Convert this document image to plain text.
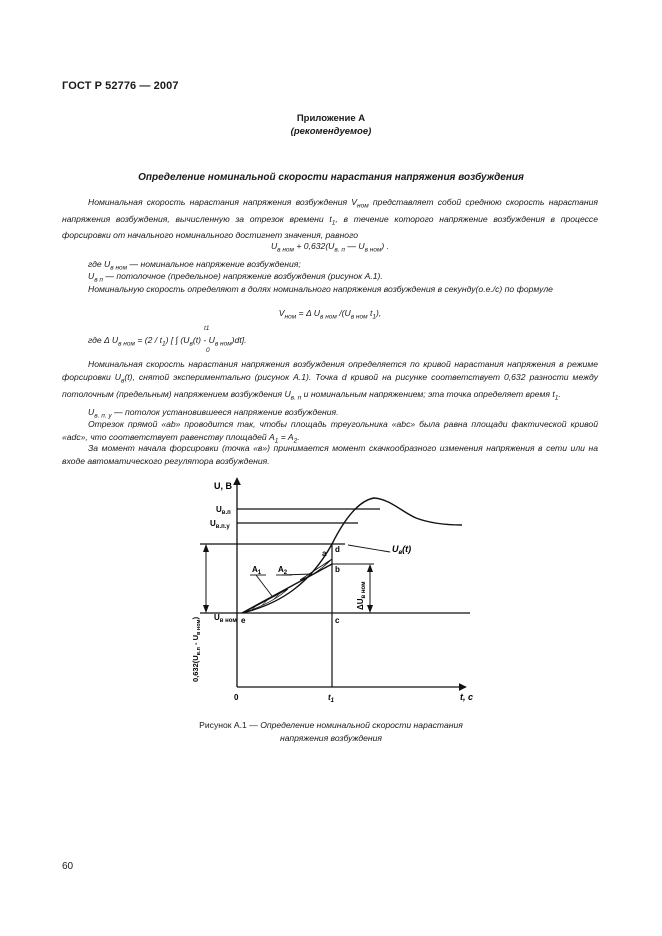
ГОСТ Р 52776 — 2007
Приложение А
(рекомендуемое)
Определение номинальной скорости нарастания напряжения возбуждения
Номинальная скорость нарастания напряжения возбуждения $V_{ном}$ представляет собой среднюю скорость нарастания напряжения возбуждения, вычисленную за отрезок времени $t_1$, в течение которого напряжение возбуждения в процессе форсировки от начального номинального достигнет значения, равного
$U_{в ном} + 0,632(U_{в. п}$ — $U_{в ном}$) .
где $U_{в ном}$ — номинальное напряжение возбуждения;
$U_{в п}$ — потолочное (предельное) напряжение возбуждения (рисунок А.1).
Номинальную скорость определяют в долях номинального напряжения возбуждения в секунду(о.е./с) по формуле
$V_{ном} = \Delta$ $U_{в ном}$ $/(U_{в ном}$ $t_1$),
где Δ $U_{в ном} = (2 / t_1)$ [ ∫ $(U_в(t) - U_{в ном})dt$].
t1
0
Номинальная скорость нарастания напряжения возбуждения определяется по кривой нарастания напряжения в режиме форсировки $U_в(t)$, снятой экспериментально (рисунок А.1). Точка d кривой на рисунке соответствует 0,632 разности между потолочным (предельным) напряжением возбуждения $U_{в. п}$ и номинальным напряжением; эта точка определяет время $t_1$.
$U_{в. п. у}$ — потолок установившееся напряжение возбуждения.
Отрезок прямой «ab» проводится так, чтобы площадь треугольника «abc» была равна площади фактической кривой «adc», что соответствует равенству площадей $A_1 = A_2$.
За момент начала форсировки (точка «в») принимается момент скачкообразного изменения напряжения в сети или на входе автоматического регулятора возбуждения.
U, В
t, c
$U_{в.п}$
$U_{в.п.у}$
$U_{в ном}$
$U_в(t)$
a d
b
c
e
$A_1$ $A_2$
$\Delta U_{в ном}$
$0,632(U_{в.п} - U_{в ном})$
0	$t_1$
Рисунок А.1 — Определение номинальной скорости нарастания
напряжения возбуждения
60
